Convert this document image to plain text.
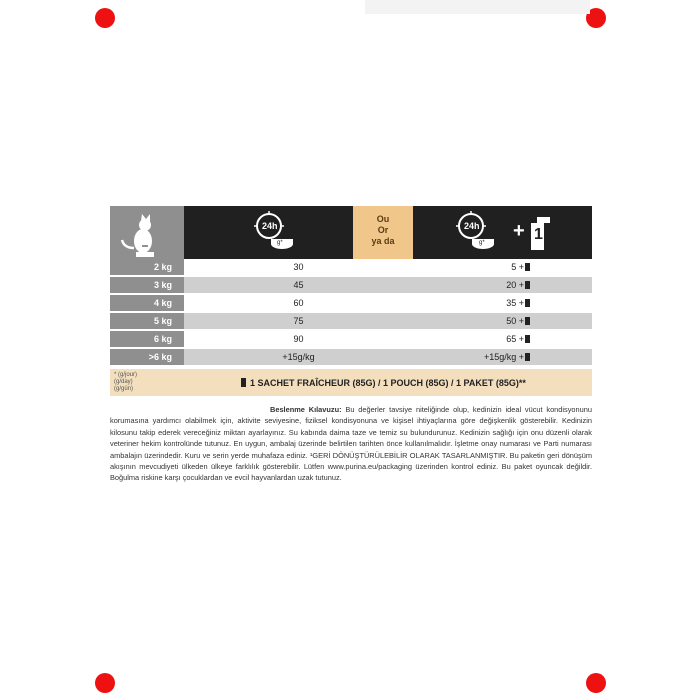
24h
g*
Ou
Or
ya da
24h
g*
+ 1
2 kg	30	5 +
3 kg	45	20 +
4 kg	60	35 +
5 kg	75	50 +
6 kg	90	65 +
>6 kg	+15g/kg	+15g/kg +
* (g/jour)
(g/day)
(g/gün)
1 SACHET FRAÎCHEUR (85G) / 1 POUCH (85G) / 1 PAKET (85G)**
Beslenme Kılavuzu: Bu değerler tavsiye niteliğinde olup, kedinizin ideal vücut kondisyonunu korumasına yardımcı olabilmek için, aktivite seviyesine, fiziksel kondisyonuna ve kişisel ihtiyaçlarına göre değişkenlik gösterebilir. Kedinizin kilosunu takip ederek vereceğiniz miktarı ayarlayınız. Su kabında daima taze ve temiz su bulundurunuz. Kedinizin sağlığı için onu düzenli olarak veteriner hekim kontrolünde tutunuz. En uygun, ambalaj üzerinde belirtilen tarihten önce kullanılmalıdır. İşletme onay numarası ve Parti numarası ambalajın üzerindedir. Kuru ve serin yerde muhafaza ediniz. ¹GERİ DÖNÜŞTÜRÜLEBİLİR OLARAK TASARLANMIŞTIR. Bu paketin geri dönüşüm akışının mevcudiyeti ülkeden ülkeye farklılık gösterebilir. Lütfen www.purina.eu/packaging üzerinden kontrol ediniz. Bu paket oyuncak değildir. Boğulma riskine karşı çocuklardan ve evcil hayvanlardan uzak tutunuz.
